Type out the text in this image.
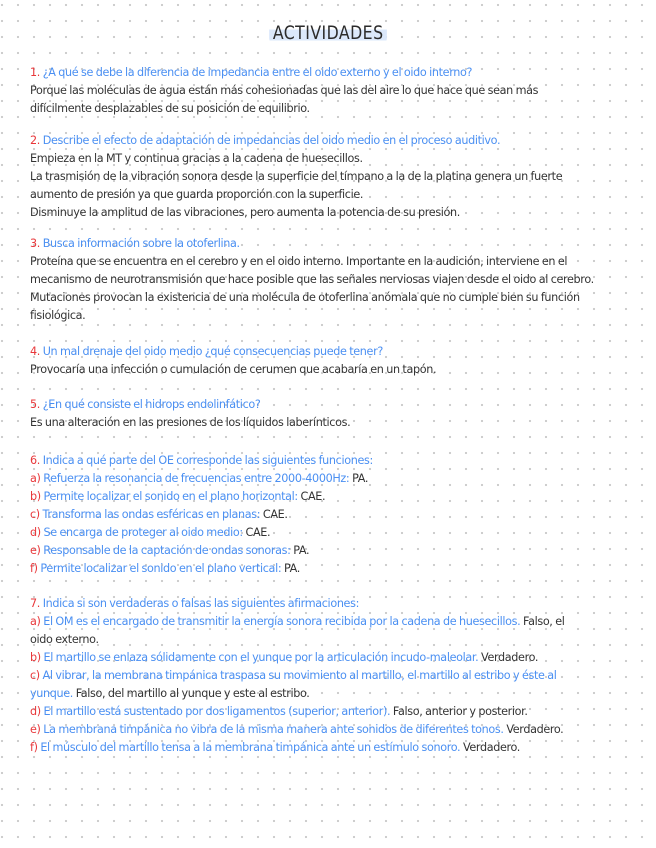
ACTIVIDADES
1. ¿A qué se debe la diferencia de impedancia entre el oido externo y el oido interno?
Porque las moléculas de agua están más cohesionadas que las del aire lo que hace que sean más
difícilmente desplazables de su posición de equilibrio.
2. Describe el efecto de adaptación de impedancias del oido medio en el proceso auditivo.
Empieza en la MT y continua gracias a la cadena de huesecillos.
La trasmisión de la vibración sonora desde la superficie del tímpano a la de la platina genera un fuerte
aumento de presión ya que guarda proporción con la superficie.
Disminuye la amplitud de las vibraciones, pero aumenta la potencia de su presión.
3. Busca información sobre la otoferlina.
Proteína que se encuentra en el cerebro y en el oido interno. Importante en la audición, interviene en el
mecanismo de neurotransmisión que hace posible que las señales nerviosas viajen desde el oido al cerebro.
Mutaciones provocan la existencia de una molécula de otoferlina anómala que no cumple bien su función
fisiológica.
4. Un mal drenaje del oido medio ¿qué consecuencias puede tener?
Provocaría una infección o cumulación de cerumen que acabaría en un tapón.
5. ¿En qué consiste el hidrops endolinfático?
Es una alteración en las presiones de los líquidos laberínticos.
6. Indica a qué parte del OE corresponde las siguientes funciones:
a) Refuerza la resonancia de frecuencias entre 2000-4000Hz: PA.
b) Permite localizar el sonido en el plano horizontal: CAE.
c) Transforma las ondas esféricas en planas: CAE.
d) Se encarga de proteger al oido medio: CAE.
e) Responsable de la captación de ondas sonoras: PA.
f) Permite localizar el sonido en el plano vertical: PA.
7. Indica si son verdaderas o falsas las siguientes afirmaciones:
a) El OM es el encargado de transmitir la energía sonora recibida por la cadena de huesecillos. Falso, el
oido externo.
b) El martillo se enlaza sólidamente con el yunque por la articulación incudo-maleolar. Verdadero.
c) Al vibrar, la membrana timpánica traspasa su movimiento al martillo, el martillo al estribo y éste al
yunque. Falso, del martillo al yunque y este al estribo.
d) El martillo está sustentado por dos ligamentos (superior, anterior). Falso, anterior y posterior.
e) La membrana timpánica no vibra de la misma manera ante sonidos de diferentes tonos. Verdadero.
f) El músculo del martillo tensa a la membrana timpánica ante un estímulo sonoro. Verdadero.
